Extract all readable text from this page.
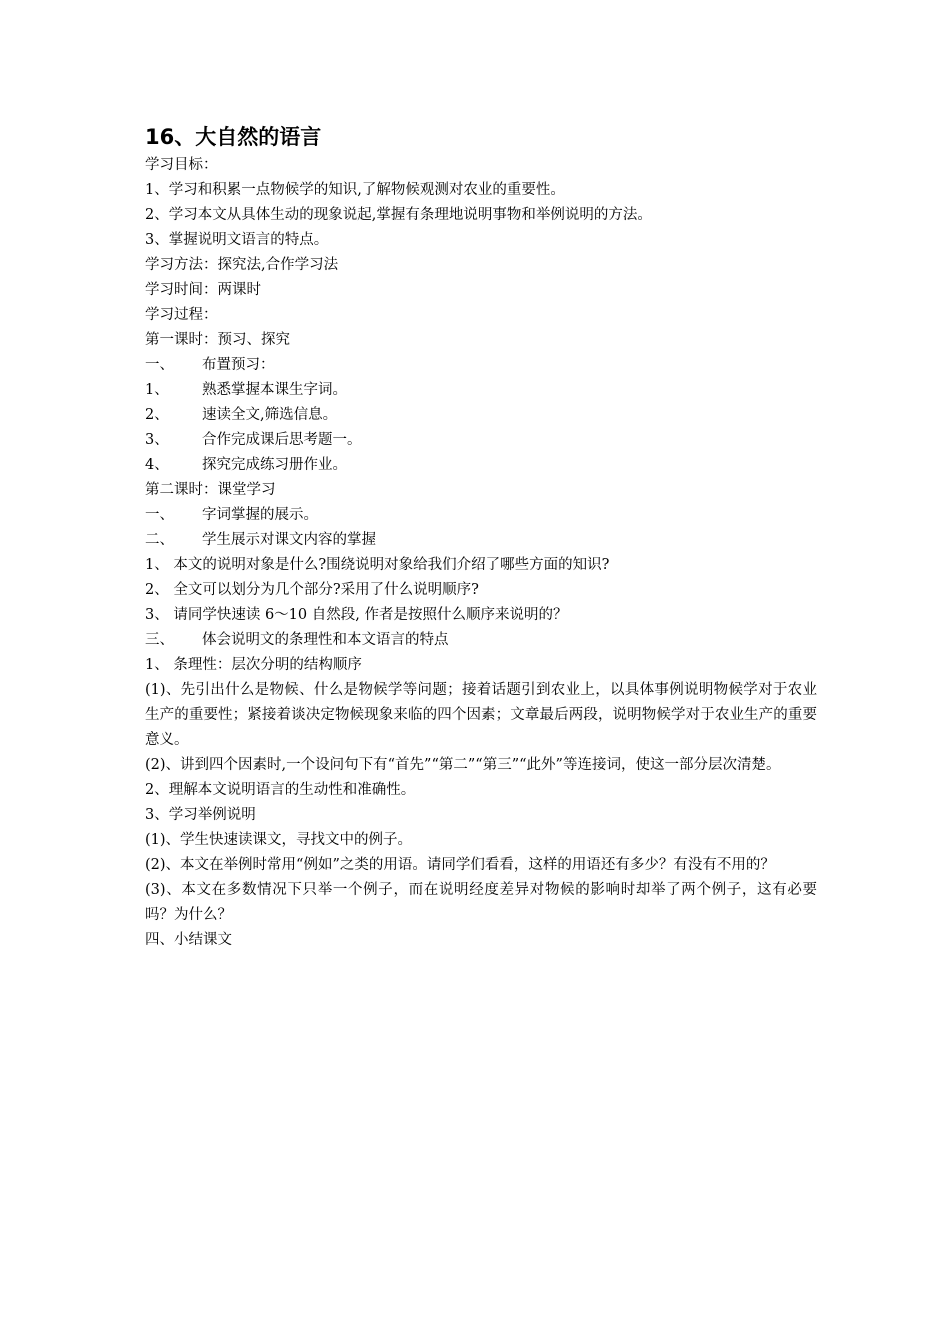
16、大自然的语言
学习目标：
1、学习和积累一点物候学的知识,了解物候观测对农业的重要性。
2、学习本文从具体生动的现象说起,掌握有条理地说明事物和举例说明的方法。
3、掌握说明文语言的特点。
学习方法：探究法,合作学习法
学习时间：两课时
学习过程：
第一课时：预习、探究
一、 布置预习：
1、 熟悉掌握本课生字词。
2、 速读全文,筛选信息。
3、 合作完成课后思考题一。
4、 探究完成练习册作业。
第二课时：课堂学习
一、 字词掌握的展示。
二、 学生展示对课文内容的掌握
1、 本文的说明对象是什么?围绕说明对象给我们介绍了哪些方面的知识?
2、 全文可以划分为几个部分?采用了什么说明顺序?
3、 请同学快速读 6～10 自然段, 作者是按照什么顺序来说明的？
三、 体会说明文的条理性和本文语言的特点
1、 条理性：层次分明的结构顺序
(1)、先引出什么是物候、什么是物候学等问题；接着话题引到农业上，以具体事例说明物候学对于农业生产的重要性；紧接着谈决定物候现象来临的四个因素；文章最后两段，说明物候学对于农业生产的重要意义。
(2)、讲到四个因素时,一个设问句下有“首先”“第二”“第三”“此外”等连接词，使这一部分层次清楚。
2、理解本文说明语言的生动性和准确性。
3、学习举例说明
(1)、学生快速读课文，寻找文中的例子。
(2)、本文在举例时常用“例如”之类的用语。请同学们看看，这样的用语还有多少？有没有不用的？
(3)、本文在多数情况下只举一个例子，而在说明经度差异对物候的影响时却举了两个例子，这有必要吗？为什么？
四、小结课文
